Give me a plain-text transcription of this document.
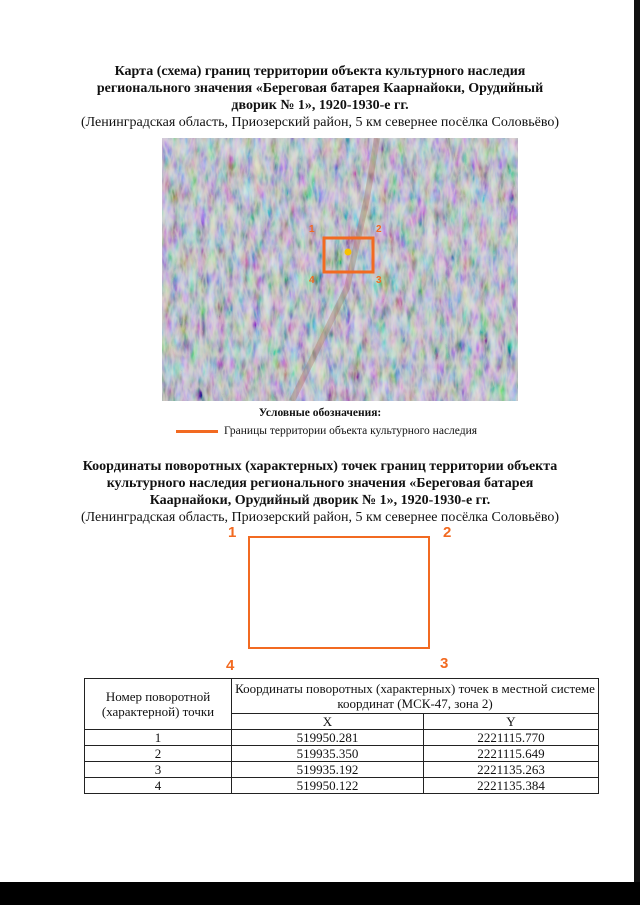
Карта (схема) границ территории объекта культурного наследия
регионального значения «Береговая батарея Каарнайоки, Орудийный
дворик № 1», 1920-1930-е гг.
(Ленинградская область, Приозерский район, 5 км севернее посёлка Соловьёво)
1	2
3
4
Условные обозначения:
Границы территории объекта культурного наследия
Координаты поворотных (характерных) точек границ территории объекта
культурного наследия регионального значения «Береговая батарея
Каарнайоки, Орудийный дворик № 1», 1920-1930-е гг.
(Ленинградская область, Приозерский район, 5 км севернее посёлка Соловьёво)
1	2
3
4
Номер поворотной (характерной) точки	Координаты поворотных (характерных) точек в местной системе координат (МСК-47, зона 2)	
	X	Y
1	519950.281	2221115.770
2	519935.350	2221115.649
3	519935.192	2221135.263
4	519950.122	2221135.384
